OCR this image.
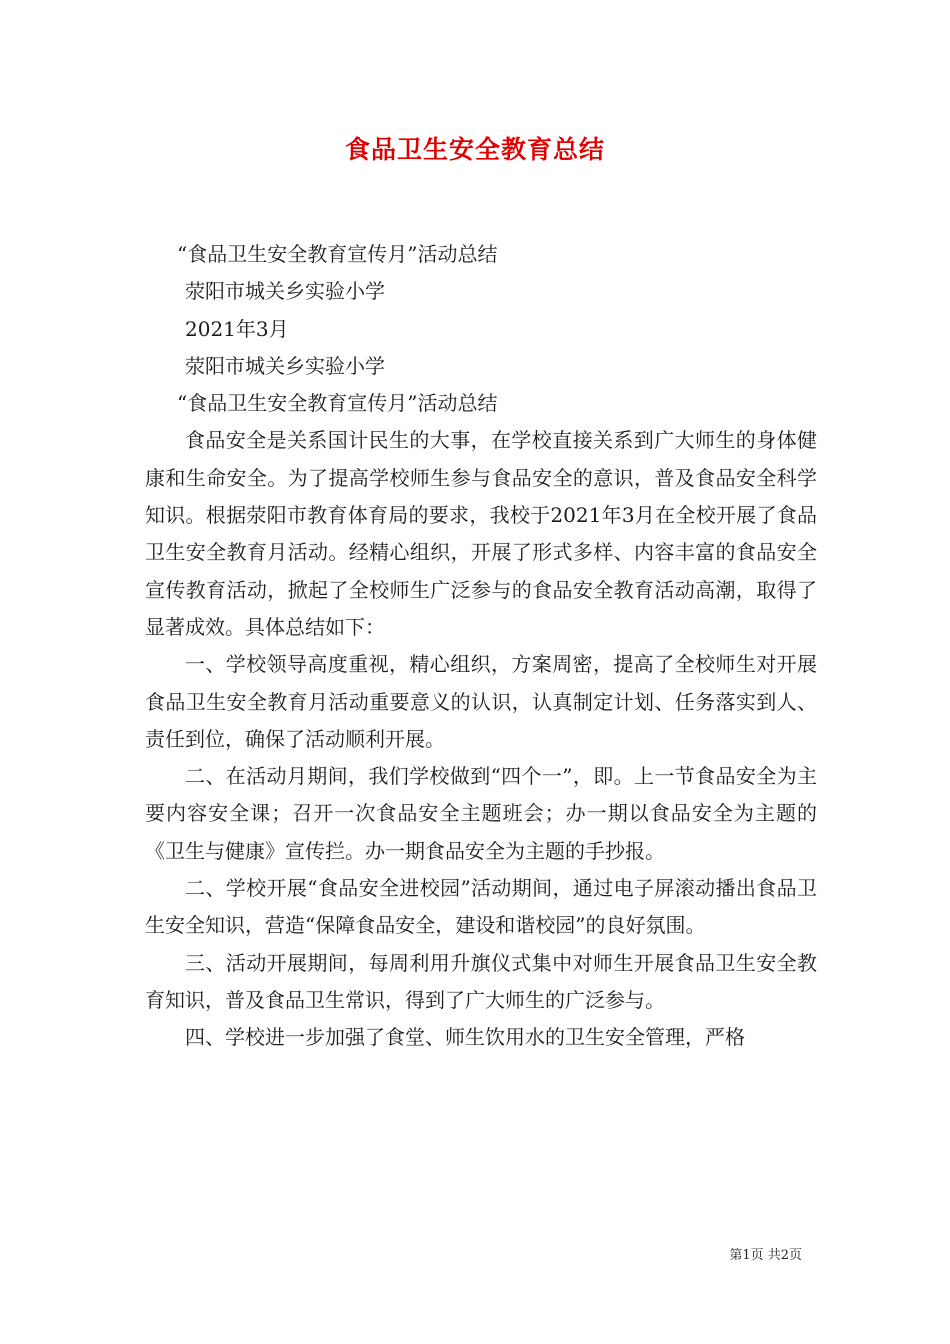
食品卫生安全教育总结

“食品卫生安全教育宣传月”活动总结

荥阳市城关乡实验小学

2021年3月

荥阳市城关乡实验小学

“食品卫生安全教育宣传月”活动总结

食品安全是关系国计民生的大事，在学校直接关系到广大师生的身体健康和生命安全。为了提高学校师生参与食品安全的意识，普及食品安全科学知识。根据荥阳市教育体育局的要求，我校于2021年3月在全校开展了食品卫生安全教育月活动。经精心组织，开展了形式多样、内容丰富的食品安全宣传教育活动，掀起了全校师生广泛参与的食品安全教育活动高潮，取得了显著成效。具体总结如下：

一、学校领导高度重视，精心组织，方案周密，提高了全校师生对开展食品卫生安全教育月活动重要意义的认识，认真制定计划、任务落实到人、责任到位，确保了活动顺利开展。

二、在活动月期间，我们学校做到“四个一”，即。上一节食品安全为主要内容安全课；召开一次食品安全主题班会；办一期以食品安全为主题的《卫生与健康》宣传拦。办一期食品安全为主题的手抄报。

二、学校开展“食品安全进校园”活动期间，通过电子屏滚动播出食品卫生安全知识，营造“保障食品安全，建设和谐校园”的良好氛围。

三、活动开展期间，每周利用升旗仪式集中对师生开展食品卫生安全教育知识，普及食品卫生常识，得到了广大师生的广泛参与。

四、学校进一步加强了食堂、师生饮用水的卫生安全管理，严格

第1页 共2页
